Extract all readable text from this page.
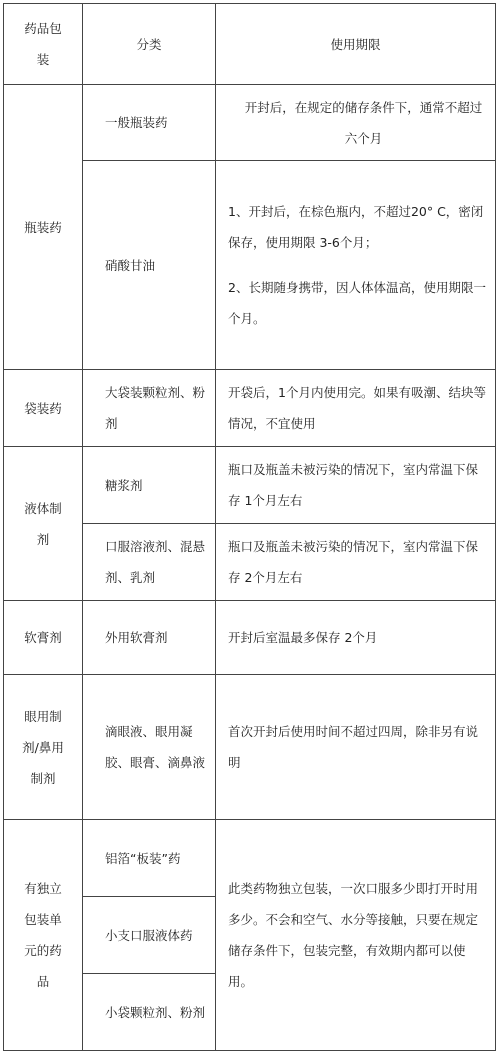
药品包装	分类	使用期限
瓶装药	一般瓶装药	开封后，在规定的储存条件下，通常不超过六个月
	硝酸甘油	1、开封后，在棕色瓶内，不超过20° C，密闭保存，使用期限 3-6个月；
2、长期随身携带，因人体体温高，使用期限一个月。

袋装药	大袋装颗粒剂、粉剂	开袋后，1个月内使用完。如果有吸潮、结块等情况，不宜使用
液体制剂	糖浆剂	瓶口及瓶盖未被污染的情况下，室内常温下保存 1个月左右
	口服溶液剂、混悬剂、乳剂	瓶口及瓶盖未被污染的情况下，室内常温下保存 2个月左右
软膏剂	外用软膏剂	开封后室温最多保存 2个月
眼用制剂/鼻用制剂	滴眼液、眼用凝胶、眼膏、滴鼻液	首次开封后使用时间不超过四周，除非另有说明
有独立包装单元的药品	铝箔“板装”药	此类药物独立包装，一次口服多少即打开时用多少。不会和空气、水分等接触，只要在规定储存条件下，包装完整，有效期内都可以使用。
	小支口服液体药	
	小袋颗粒剂、粉剂	
